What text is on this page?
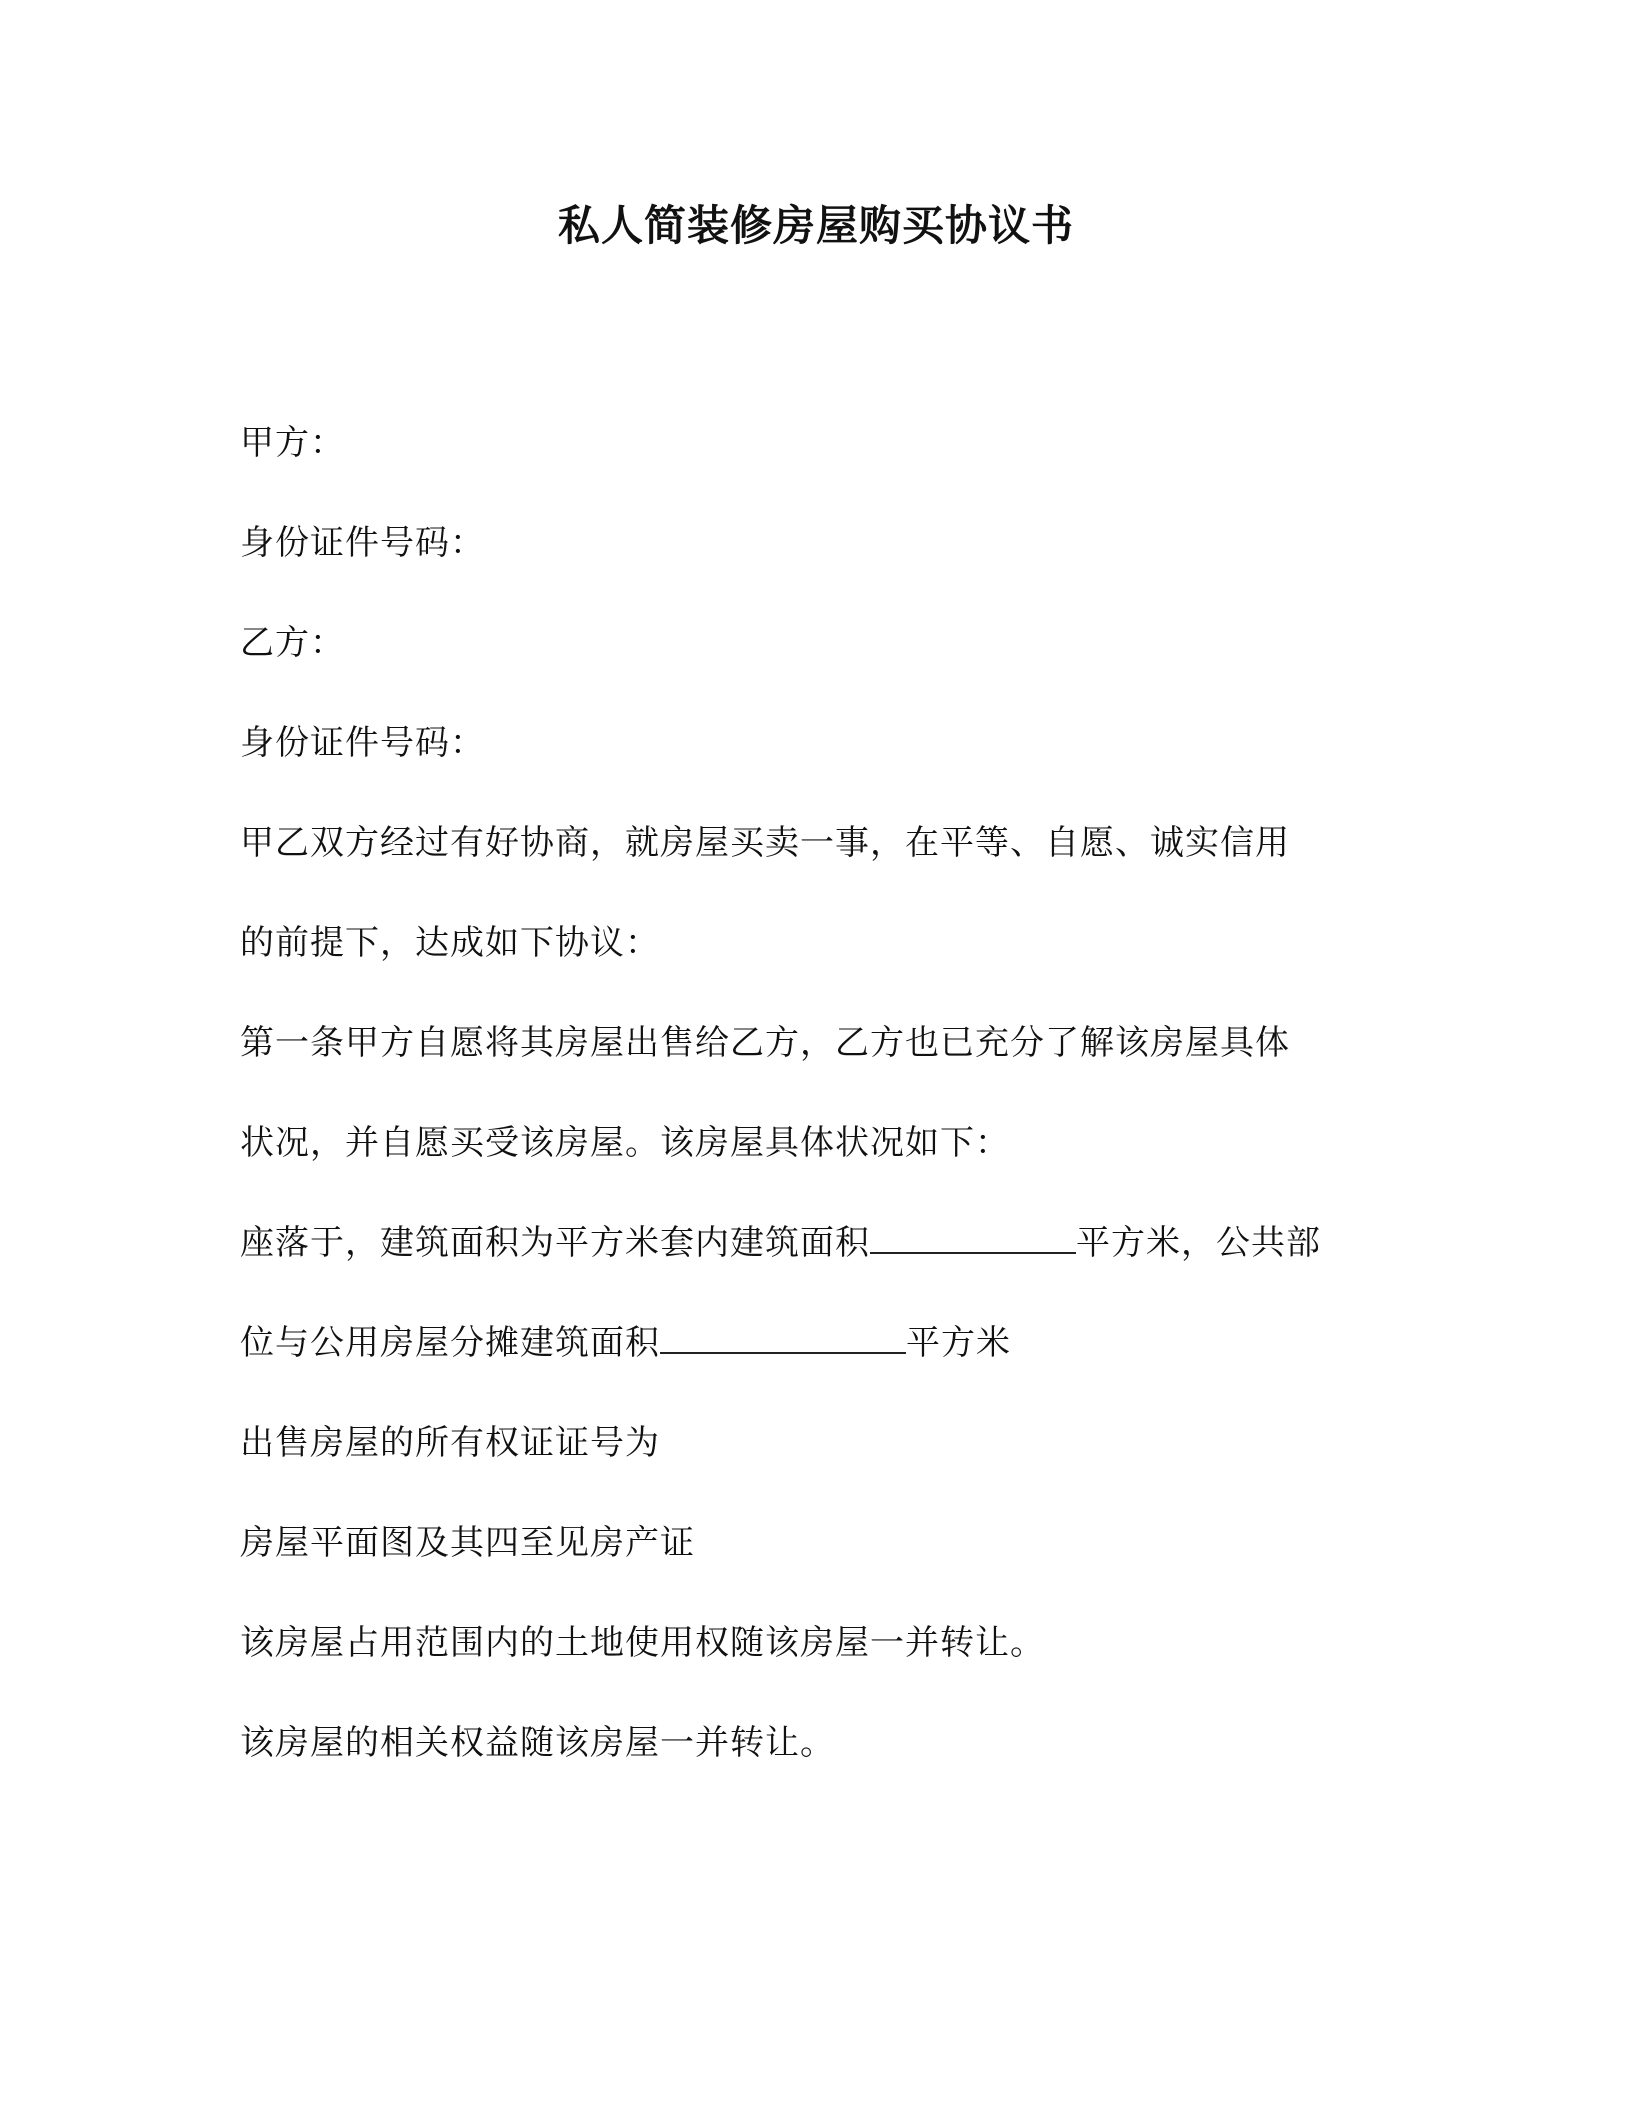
私人简装修房屋购买协议书

甲方：

身份证件号码：

乙方：

身份证件号码：

甲乙双方经过有好协商，就房屋买卖一事，在平等、自愿、诚实信用

的前提下，达成如下协议：

第一条甲方自愿将其房屋出售给乙方，乙方也已充分了解该房屋具体

状况，并自愿买受该房屋。该房屋具体状况如下：

座落于，建筑面积为平方米套内建筑面积	平方米，公共部

位与公用房屋分摊建筑面积	平方米

出售房屋的所有权证证号为

房屋平面图及其四至见房产证

该房屋占用范围内的土地使用权随该房屋一并转让。

该房屋的相关权益随该房屋一并转让。
